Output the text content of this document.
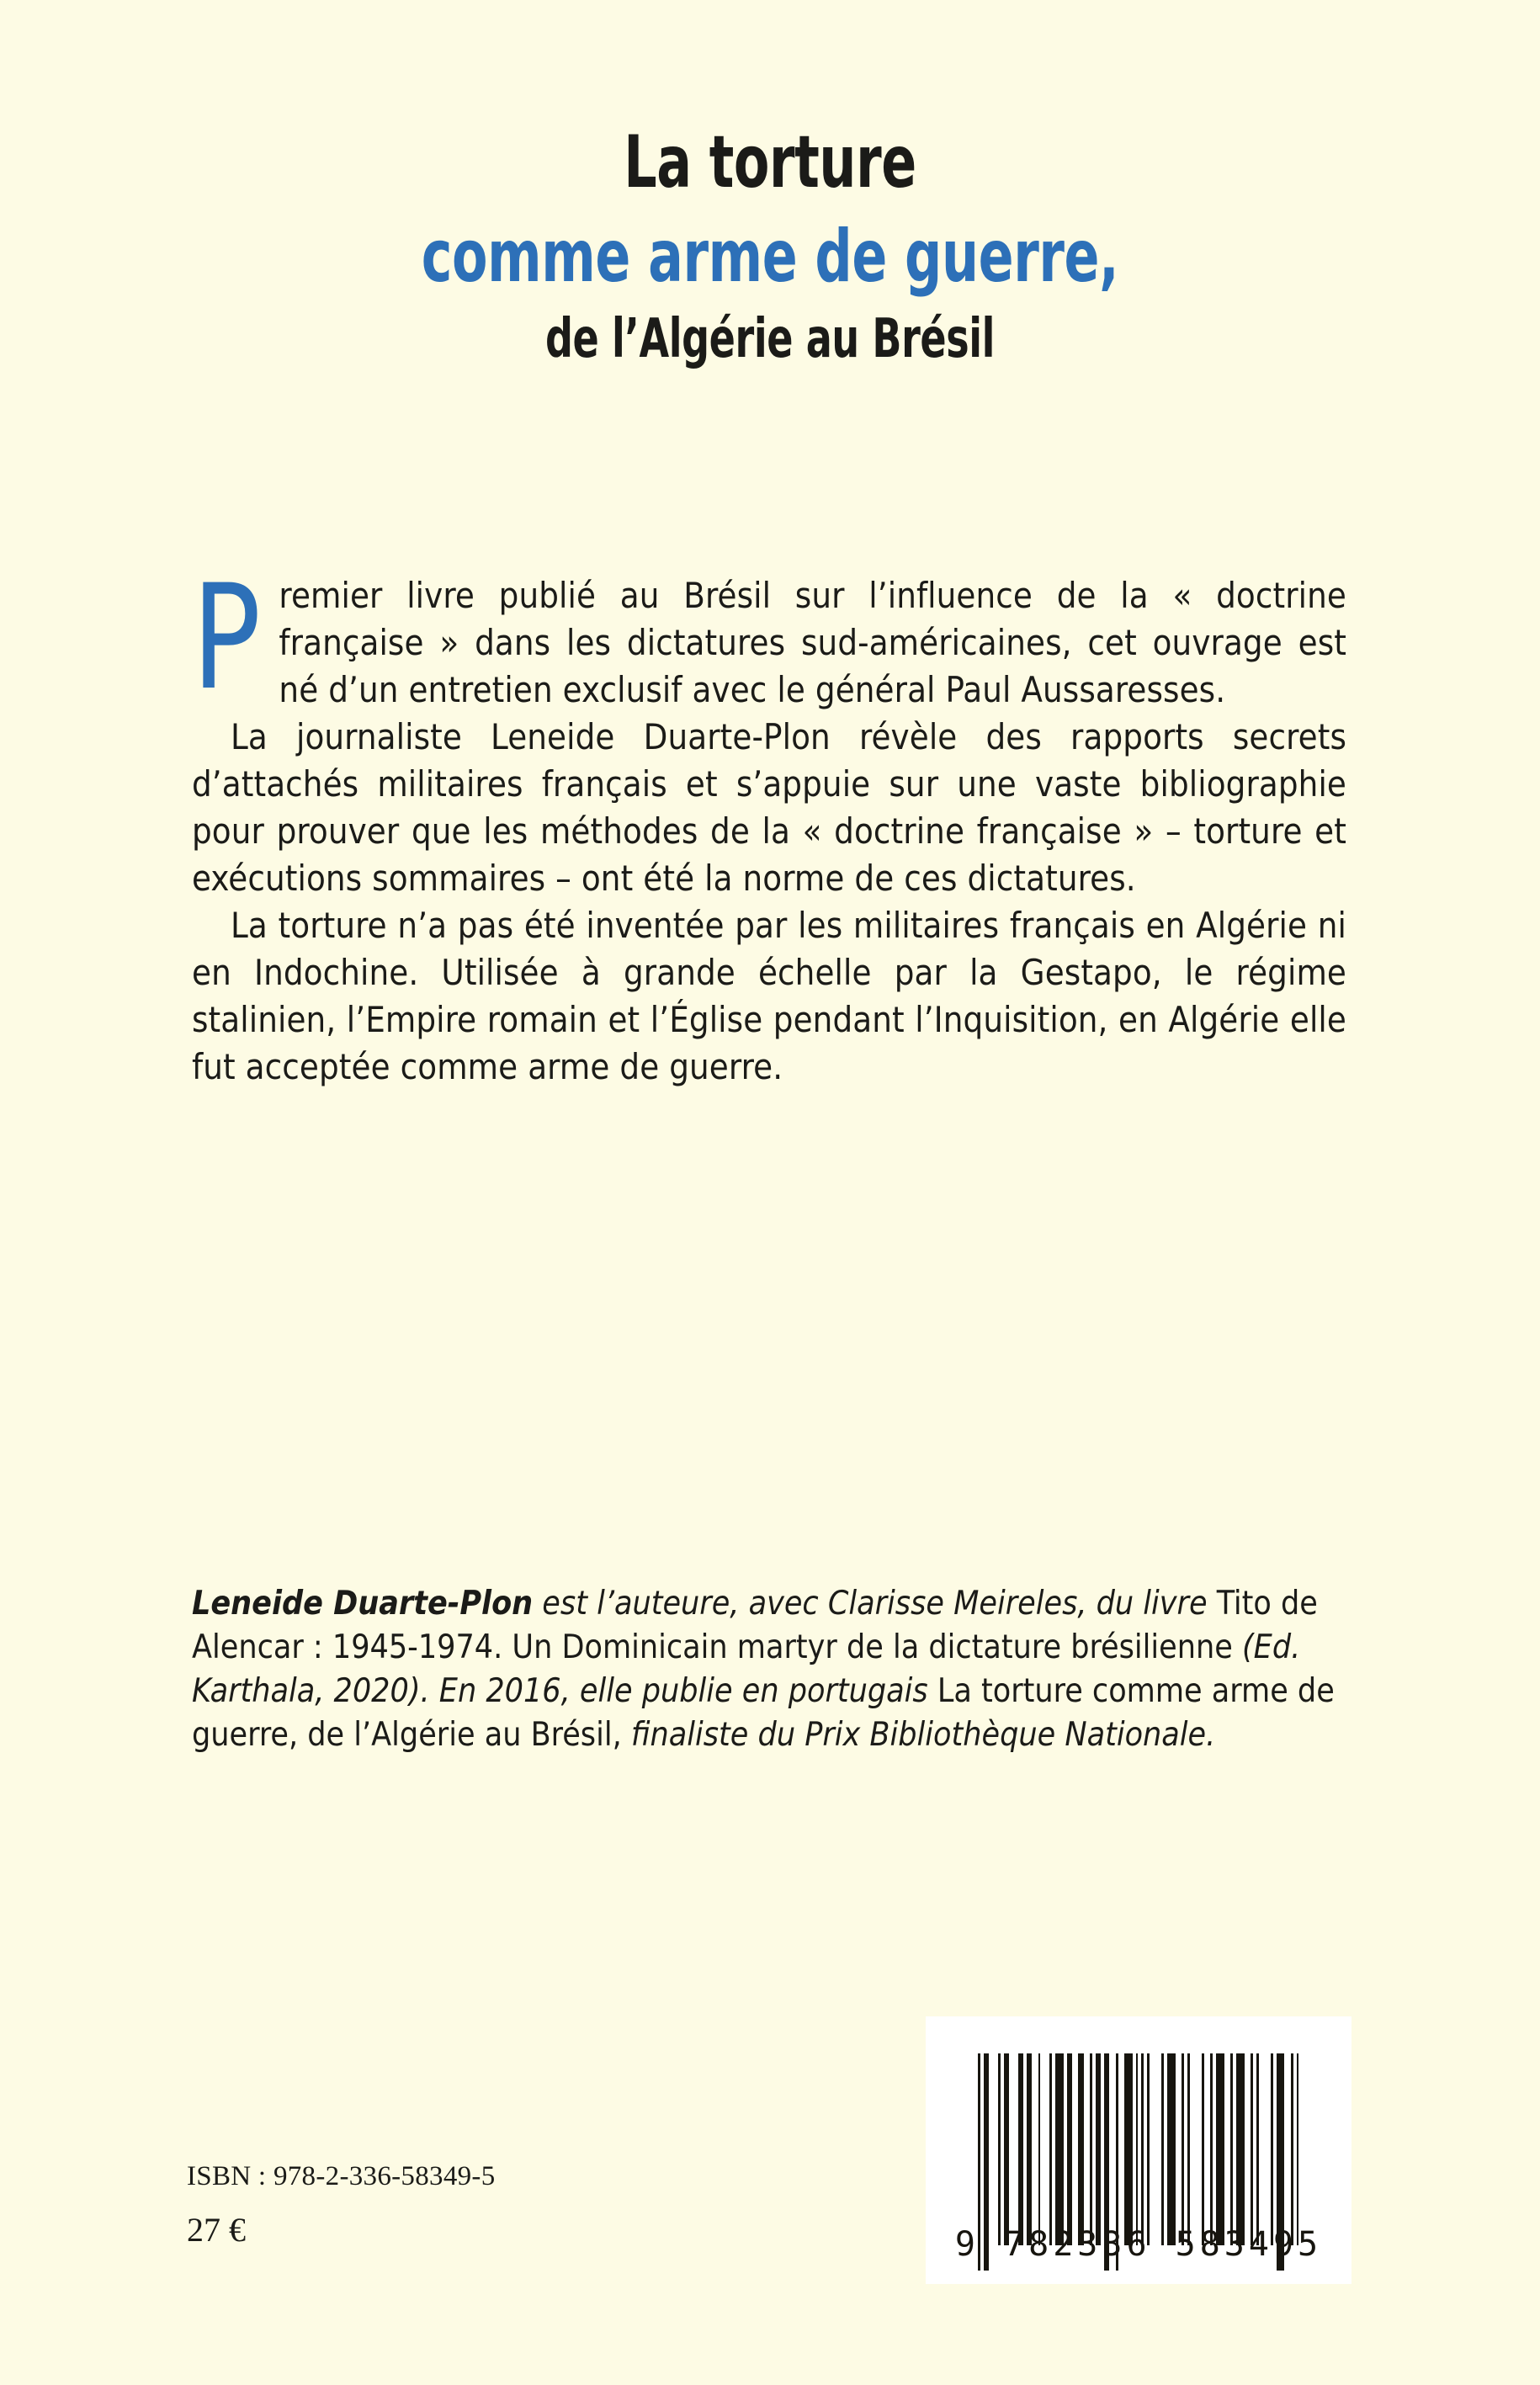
La torture
comme arme de guerre,
de l’Algérie au Brésil

Premier livre publié au Brésil sur l’influence de la « doctrine française » dans les dictatures sud-américaines, cet ouvrage est né d’un entretien exclusif avec le général Paul Aussaresses.

La journaliste Leneide Duarte-Plon révèle des rapports secrets d’attachés militaires français et s’appuie sur une vaste bibliographie pour prouver que les méthodes de la « doctrine française » – torture et exécutions sommaires – ont été la norme de ces dictatures.

La torture n’a pas été inventée par les militaires français en Algérie ni en Indochine. Utilisée à grande échelle par la Gestapo, le régime stalinien, l’Empire romain et l’Église pendant l’Inquisition, en Algérie elle fut acceptée comme arme de guerre.

Leneide Duarte-Plon est l’auteure, avec Clarisse Meireles, du livre Tito de Alencar : 1945-1974. Un Dominicain martyr de la dictature brésilienne (Ed. Karthala, 2020). En 2016, elle publie en portugais La torture comme arme de guerre, de l’Algérie au Brésil, finaliste du Prix Bibliothèque Nationale.
ISBN : 978-2-336-58349-5
27 €	9 782336 583495
